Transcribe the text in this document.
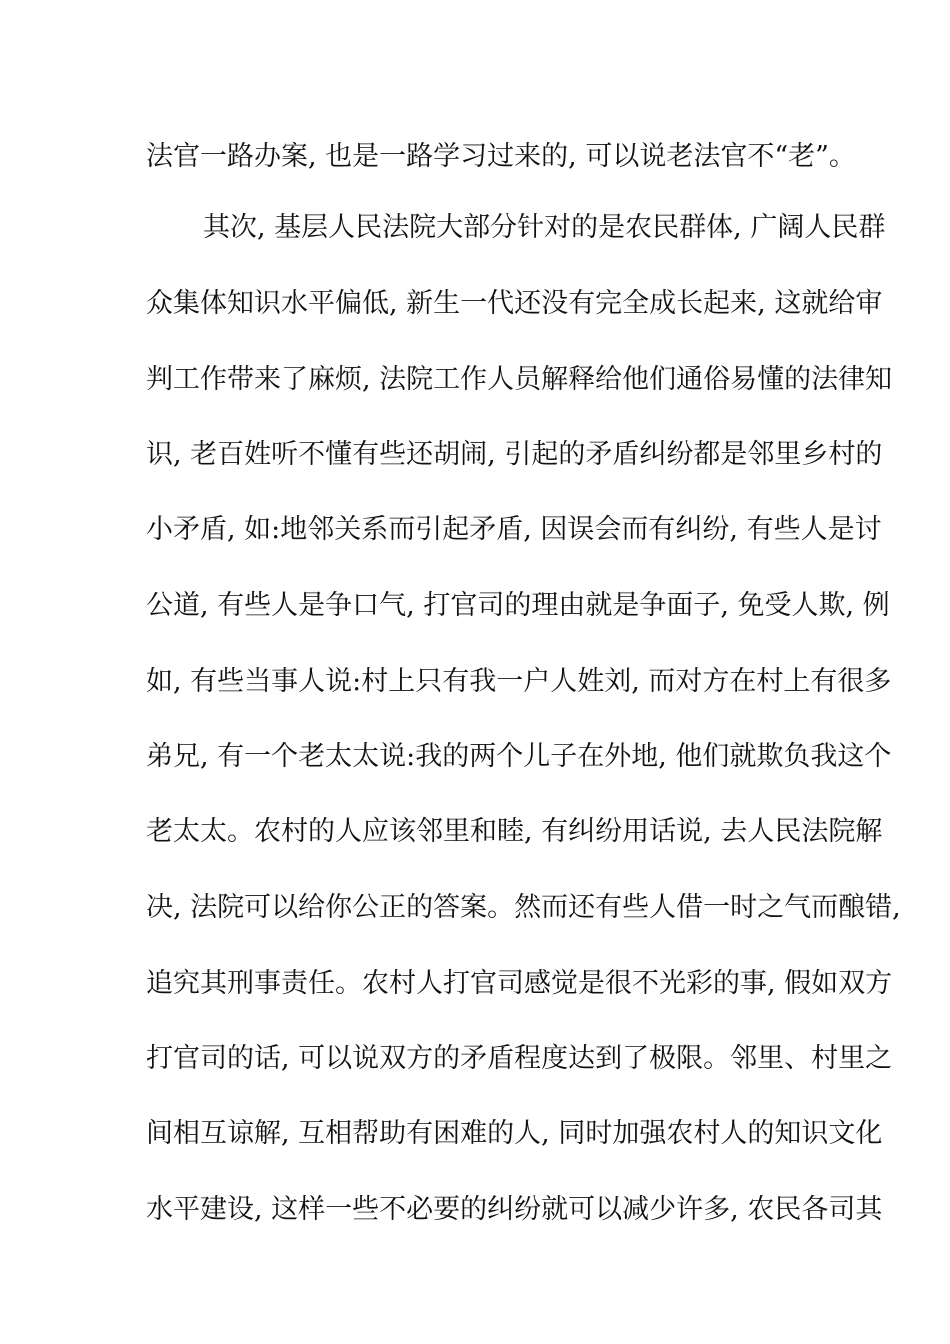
法官一路办案, 也是一路学习过来的, 可以说老法官不“老”。
其次, 基层人民法院大部分针对的是农民群体, 广阔人民群
众集体知识水平偏低, 新生一代还没有完全成长起来, 这就给审
判工作带来了麻烦, 法院工作人员解释给他们通俗易懂的法律知
识, 老百姓听不懂有些还胡闹, 引起的矛盾纠纷都是邻里乡村的
小矛盾, 如:地邻关系而引起矛盾, 因误会而有纠纷, 有些人是讨
公道, 有些人是争口气, 打官司的理由就是争面子, 免受人欺, 例
如, 有些当事人说:村上只有我一户人姓刘, 而对方在村上有很多
弟兄, 有一个老太太说:我的两个儿子在外地, 他们就欺负我这个
老太太。农村的人应该邻里和睦, 有纠纷用话说, 去人民法院解
决, 法院可以给你公正的答案。然而还有些人借一时之气而酿错,
追究其刑事责任。农村人打官司感觉是很不光彩的事, 假如双方
打官司的话, 可以说双方的矛盾程度达到了极限。邻里、村里之
间相互谅解, 互相帮助有困难的人, 同时加强农村人的知识文化
水平建设, 这样一些不必要的纠纷就可以减少许多, 农民各司其
